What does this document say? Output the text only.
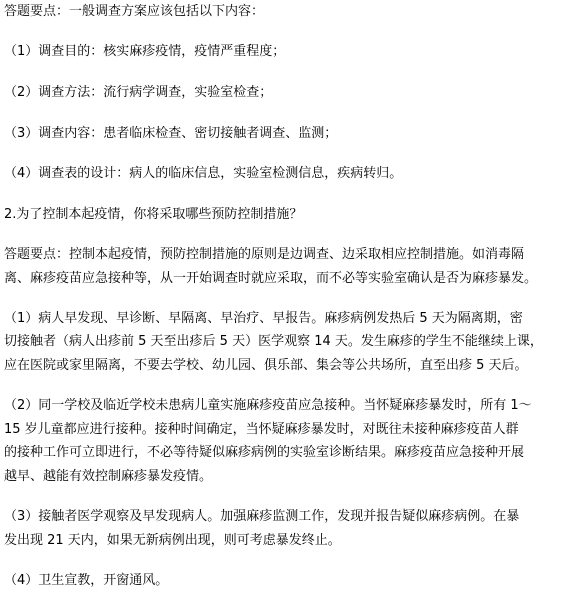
答题要点：一般调查方案应该包括以下内容：
（1）调查目的：核实麻疹疫情，疫情严重程度；
（2）调查方法：流行病学调查，实验室检查；
（3）调查内容：患者临床检查、密切接触者调查、监测；
（4）调查表的设计：病人的临床信息，实验室检测信息，疾病转归。
2.为了控制本起疫情，你将采取哪些预防控制措施？
答题要点：控制本起疫情，预防控制措施的原则是边调查、边采取相应控制措施。如消毒隔
离、麻疹疫苗应急接种等，从一开始调查时就应采取，而不必等实验室确认是否为麻疹暴发。
（1）病人早发现、早诊断、早隔离、早治疗、早报告。麻疹病例发热后 5 天为隔离期，密
切接触者（病人出疹前 5 天至出疹后 5 天）医学观察 14 天。发生麻疹的学生不能继续上课，
应在医院或家里隔离，不要去学校、幼儿园、俱乐部、集会等公共场所，直至出疹 5 天后。
（2）同一学校及临近学校未患病儿童实施麻疹疫苗应急接种。当怀疑麻疹暴发时，所有 1～
15 岁儿童都应进行接种。接种时间确定，当怀疑麻疹暴发时，对既往未接种麻疹疫苗人群
的接种工作可立即进行，不必等待疑似麻疹病例的实验室诊断结果。麻疹疫苗应急接种开展
越早、越能有效控制麻疹暴发疫情。
（3）接触者医学观察及早发现病人。加强麻疹监测工作，发现并报告疑似麻疹病例。在暴
发出现 21 天内，如果无新病例出现，则可考虑暴发终止。
（4）卫生宣教，开窗通风。
